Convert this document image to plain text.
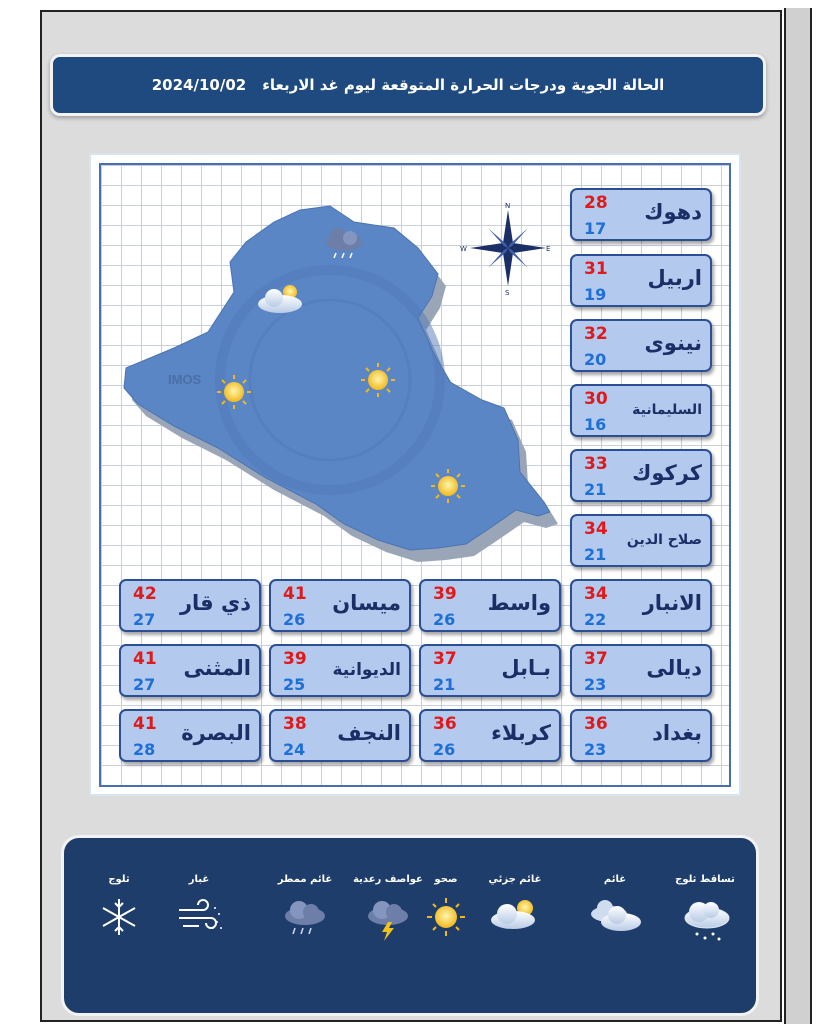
الحالة الجوية ودرجات الحرارة المتوقعة ليوم غد الاربعاء
2024/10/02
IMOS
N
S
E
W
28
17
دهوك
31
19
اربيل
32
20
نينوى
30
16
السليمانية
33
21
كركوك
34
21
صلاح الدين
34
22
الانبار
39
26
واسط
41
26
ميسان
42
27
ذي قار
37
23
ديالى
37
21
بـابل
39
25
الديوانية
41
27
المثنى
36
23
بغداد
36
26
كربلاء
38
24
النجف
41
28
البصرة
تساقط ثلوج
غائم
غائم جزئي
صحو
عواصف رعدية
غائم ممطر
غبار
ثلوج
